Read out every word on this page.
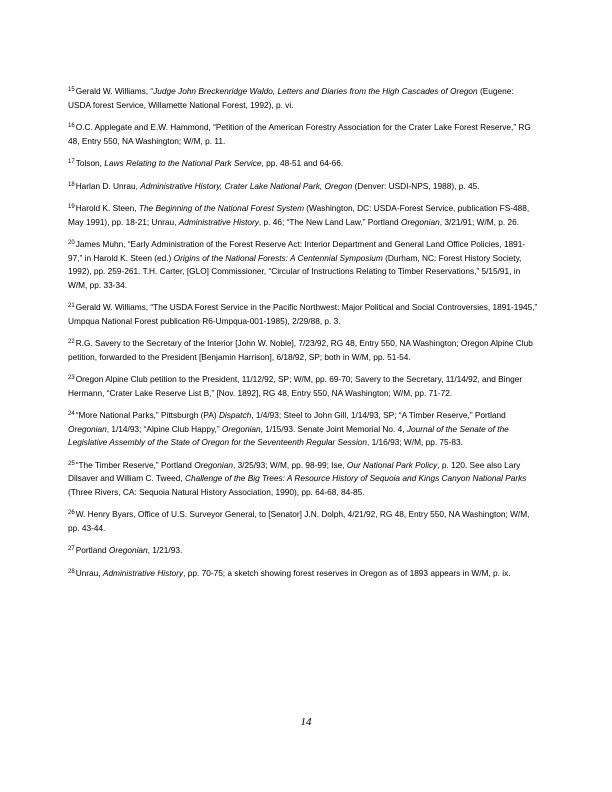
$^{15}$Gerald W. Williams, “Judge John Breckenridge Waldo, Letters and Diaries from the High Cascades of Oregon (Eugene: USDA forest Service, Willamette National Forest, 1992), p. vi.

$^{16}$O.C. Applegate and E.W. Hammond, “Petition of the American Forestry Association for the Crater Lake Forest Reserve,” RG 48, Entry 550, NA Washington; W/M, p. 11.

$^{17}$Tolson, Laws Relating to the National Park Service, pp. 48-51 and 64-66.

$^{18}$Harlan D. Unrau, Administrative History, Crater Lake National Park, Oregon (Denver: USDI-NPS, 1988), p. 45.

$^{19}$Harold K. Steen, The Beginning of the National Forest System (Washington, DC: USDA-Forest Service, publication FS-488, May 1991), pp. 18-21; Unrau, Administrative History, p. 46; “The New Land Law,” Portland Oregonian, 3/21/91; W/M, p. 26.

$^{20}$James Muhn, “Early Administration of the Forest Reserve Act: Interior Department and General Land Office Policies, 1891-97,” in Harold K. Steen (ed.) Origins of the National Forests: A Centennial Symposium (Durham, NC: Forest History Society, 1992), pp. 259-261. T.H. Carter, [GLO] Commissioner, “Circular of Instructions Relating to Timber Reservations,” 5/15/91, in W/M, pp. 33-34.

$^{21}$Gerald W. Williams, “The USDA Forest Service in the Pacific Northwest: Major Political and Social Controversies, 1891-1945,” Umpqua National Forest publication R6-Umpqua-001-1985), 2/29/88, p. 3.

$^{22}$R.G. Savery to the Secretary of the Interior [John W. Noble], 7/23/92, RG 48, Entry 550, NA Washington; Oregon Alpine Club petition, forwarded to the President [Benjamin Harrison], 6/18/92, SP; both in W/M, pp. 51-54.

$^{23}$Oregon Alpine Club petition to the President, 11/12/92, SP; W/M, pp. 69-70; Savery to the Secretary, 11/14/92, and Binger Hermann, “Crater Lake Reserve List B,” [Nov. 1892], RG 48, Entry 550, NA Washington; W/M, pp. 71-72.

$^{24}$“More National Parks,” Pittsburgh (PA) Dispatch, 1/4/93; Steel to John Gill, 1/14/93, SP; “A Timber Reserve,” Portland Oregonian, 1/14/93; “Alpine Club Happy,” Oregonian, 1/15/93. Senate Joint Memorial No. 4, Journal of the Senate of the Legislative Assembly of the State of Oregon for the Seventeenth Regular Session, 1/16/93; W/M, pp. 75-83.

$^{25}$“The Timber Reserve,” Portland Oregonian, 3/25/93; W/M, pp. 98-99; Ise, Our National Park Policy, p. 120. See also Lary Dilsaver and William C. Tweed, Challenge of the Big Trees: A Resource History of Sequoia and Kings Canyon National Parks (Three Rivers, CA: Sequoia Natural History Association, 1990), pp. 64-68, 84-85.

$^{26}$W. Henry Byars, Office of U.S. Surveyor General, to [Senator] J.N. Dolph, 4/21/92, RG 48, Entry 550, NA Washington; W/M, pp. 43-44.

$^{27}$Portland Oregonian, 1/21/93.

$^{28}$Unrau, Administrative History, pp. 70-75; a sketch showing forest reserves in Oregon as of 1893 appears in W/M, p. ix.

14
